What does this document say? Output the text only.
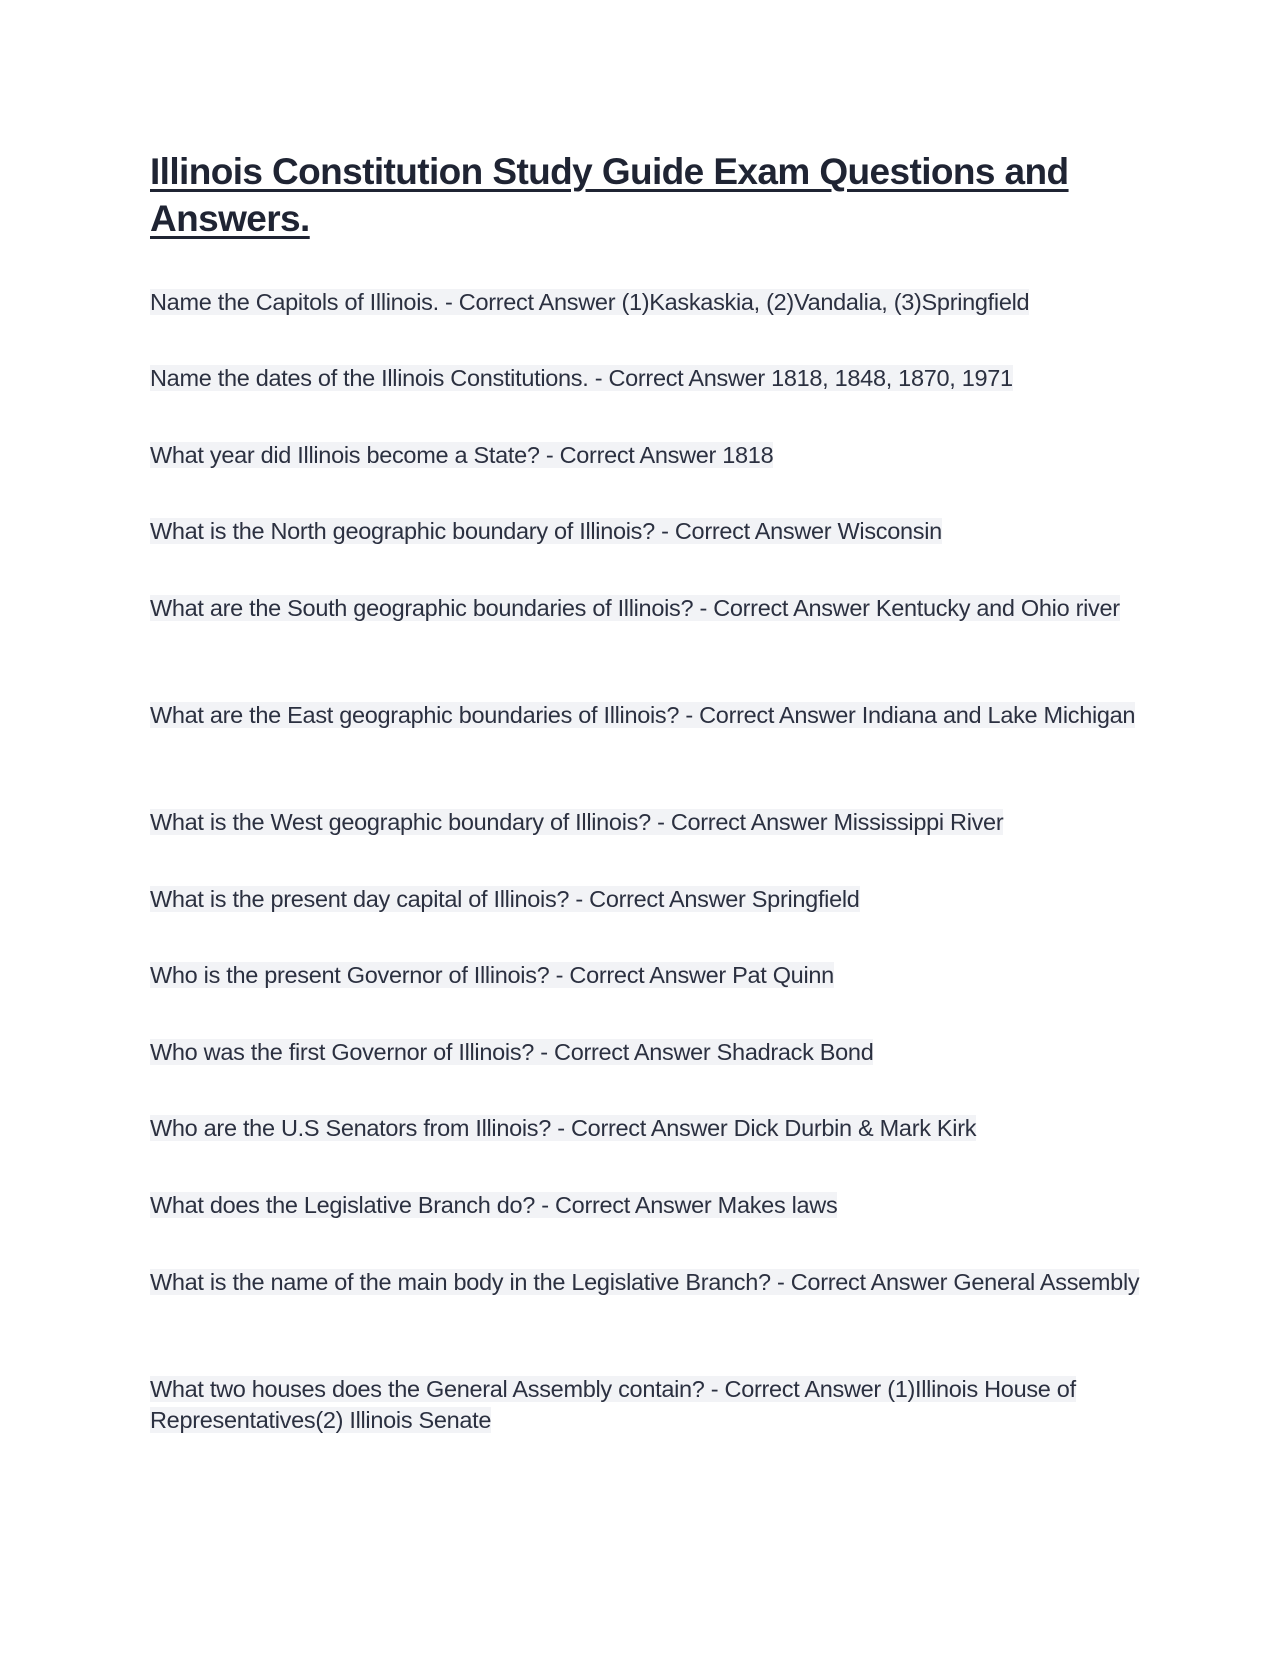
Illinois Constitution Study Guide Exam Questions and Answers.
Name the Capitols of Illinois. - Correct Answer (1)Kaskaskia, (2)Vandalia, (3)Springfield
Name the dates of the Illinois Constitutions. - Correct Answer 1818, 1848, 1870, 1971
What year did Illinois become a State? - Correct Answer 1818
What is the North geographic boundary of Illinois? - Correct Answer Wisconsin
What are the South geographic boundaries of Illinois? - Correct Answer Kentucky and Ohio river
What are the East geographic boundaries of Illinois? - Correct Answer Indiana and Lake Michigan
What is the West geographic boundary of Illinois? - Correct Answer Mississippi River
What is the present day capital of Illinois? - Correct Answer Springfield
Who is the present Governor of Illinois? - Correct Answer Pat Quinn
Who was the first Governor of Illinois? - Correct Answer Shadrack Bond
Who are the U.S Senators from Illinois? - Correct Answer Dick Durbin & Mark Kirk
What does the Legislative Branch do? - Correct Answer Makes laws
What is the name of the main body in the Legislative Branch? - Correct Answer General Assembly
What two houses does the General Assembly contain? - Correct Answer (1)Illinois House of Representatives(2) Illinois Senate
